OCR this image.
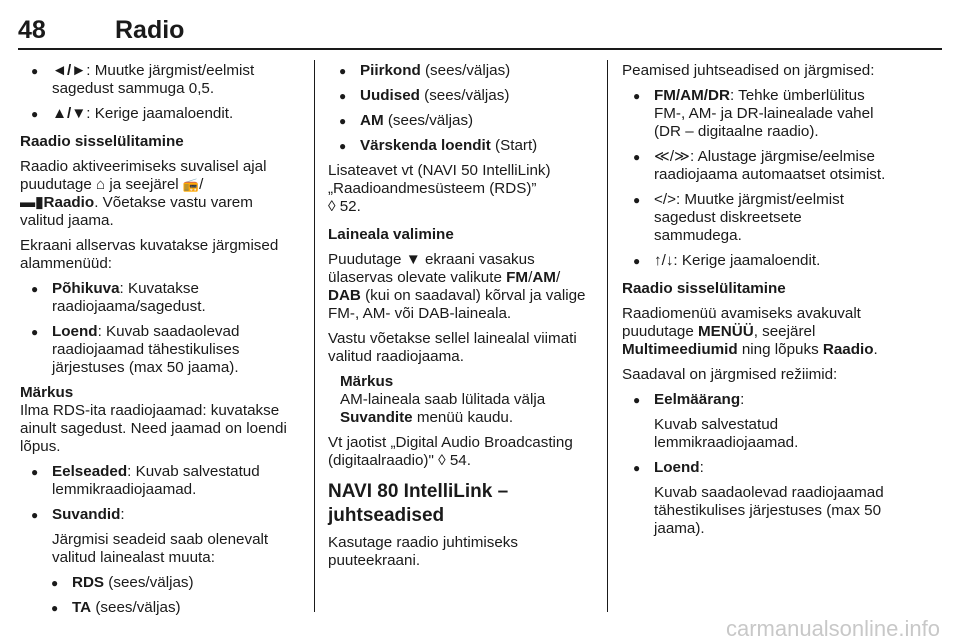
48	Radio
● ◄/►: Muutke järgmist/eelmist sagedust sammuga 0,5.
● ▲/▼: Kerige jaamaloendit.

Raadio sisselülitamine

Raadio aktiveerimiseks suvalisel ajal puudutage ⌂ ja seejärel 📻/
▬▮Raadio. Võetakse vastu varem valitud jaama.

Ekraani allservas kuvatakse järgmised alammenüüd:

● Põhikuva: Kuvatakse raadiojaama/sagedust.
● Loend: Kuvab saadaolevad raadiojaamad tähestikulises järjestuses (max 50 jaama).
Märkus
Ilma RDS-ita raadiojaamad: kuvatakse ainult sagedust. Need jaamad on loendi lõpus.
● Eelseaded: Kuvab salvestatud lemmikraadiojaamad.
● Suvandid:

Järgmisi seadeid saab olenevalt valitud lainealast muuta:

● RDS (sees/väljas)
● TA (sees/väljas)
● Piirkond (sees/väljas)
● Uudised (sees/väljas)
● AM (sees/väljas)
● Värskenda loendit (Start)

Lisateavet vt (NAVI 50 IntelliLink) „Raadioandmesüsteem (RDS)”
◊ 52.

Laineala valimine

Puudutage ▼ ekraani vasakus ülaservas olevate valikute FM/AM/
DAB (kui on saadaval) kõrval ja valige FM-, AM- või DAB-laineala.

Vastu võetakse sellel lainealal viimati valitud raadiojaama.

Märkus
AM-laineala saab lülitada välja
Suvandite menüü kaudu.

Vt jaotist „Digital Audio Broadcasting (digitaalraadio)" ◊ 54.

NAVI 80 IntelliLink – juhtseadised

Kasutage raadio juhtimiseks puuteekraani.

Peamised juhtseadised on järgmised:

● FM/AM/DR: Tehke ümberlülitus FM-, AM- ja DR-lainealade vahel (DR – digitaalne raadio).
● ≪/≫: Alustage järgmise/eelmise raadiojaama automaatset otsimist.
● </>: Muutke järgmist/eelmist sagedust diskreetsete sammudega.
● ↑/↓: Kerige jaamaloendit.

Raadio sisselülitamine

Raadiomenüü avamiseks avakuvalt puudutage MENÜÜ, seejärel
Multimeediumid ning lõpuks Raadio.

Saadaval on järgmised režiimid:

● Eelmäärang:

Kuvab salvestatud lemmikraadiojaamad.

● Loend:

Kuvab saadaolevad raadiojaamad tähestikulises järjestuses (max 50 jaama).

carmanualsonline.info
